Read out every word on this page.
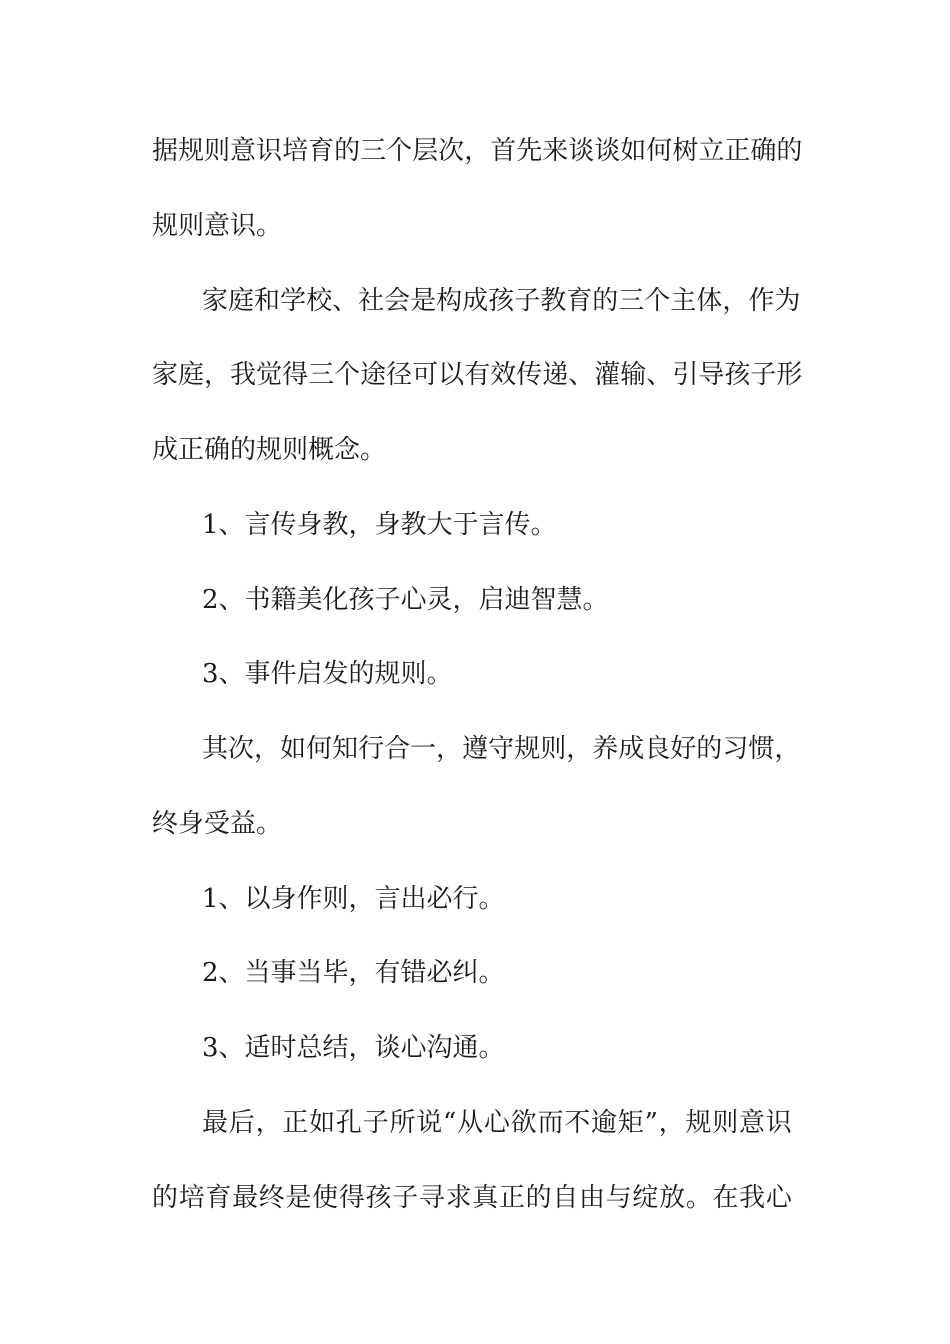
据 规 则 意 识 培 育 的 三 个 层 次 ， 首 先 来 谈 谈 如 何 树 立 正 确 的
规则意识。
家 庭 和 学 校 、 社 会 是 构 成 孩 子 教 育 的 三 个 主 体 ， 作 为
家 庭 ， 我 觉 得 三 个 途 径 可 以 有 效 传 递 、 灌 输 、 引 导 孩 子 形
成正确的规则概念。
1、言传身教，身教大于言传。
2、书籍美化孩子心灵，启迪智慧。
3、事件启发的规则。
其 次 ， 如 何 知 行 合 一 ， 遵 守 规 则 ， 养 成 良 好 的 习 惯 ，
终身受益。
1、以身作则，言出必行。
2、当事当毕，有错必纠。
3、适时总结，谈心沟通。
最 后 ， 正 如 孔 子 所 说 “ 从 心 欲 而 不 逾 矩 ” ， 规 则 意 识
的 培 育 最 终 是 使 得 孩 子 寻 求 真 正 的 自 由 与 绽 放 。 在 我 心
